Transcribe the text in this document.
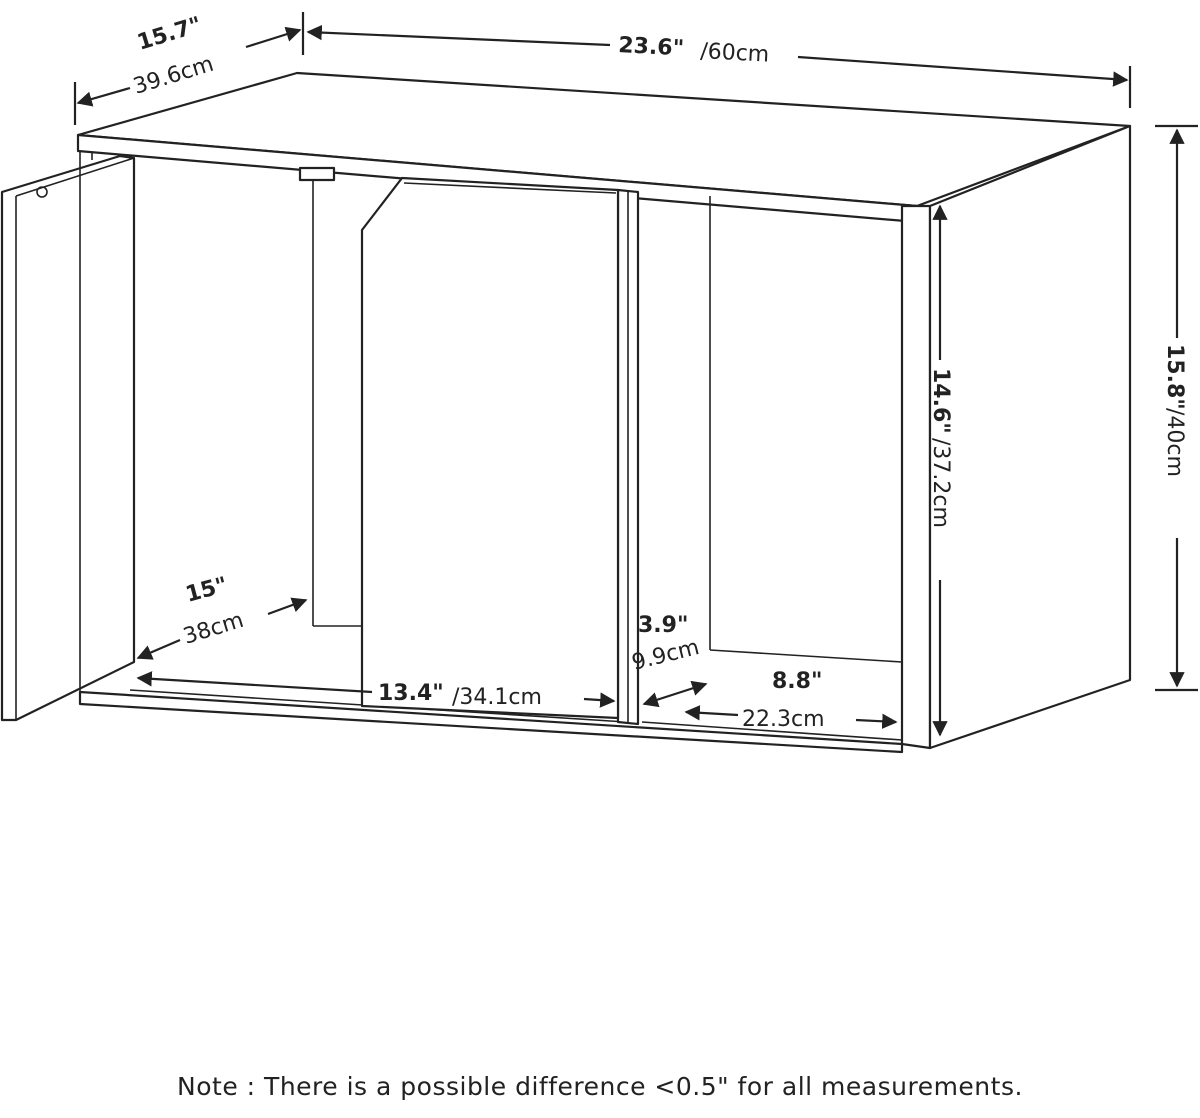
15.7"
39.6cm
23.6" /60cm
15.8"
/40cm
14.6"
/37.2cm
15"
38cm
13.4" /34.1cm
3.9"
9.9cm
8.8"
22.3cm
Note : There is a possible difference <0.5" for all measurements.
